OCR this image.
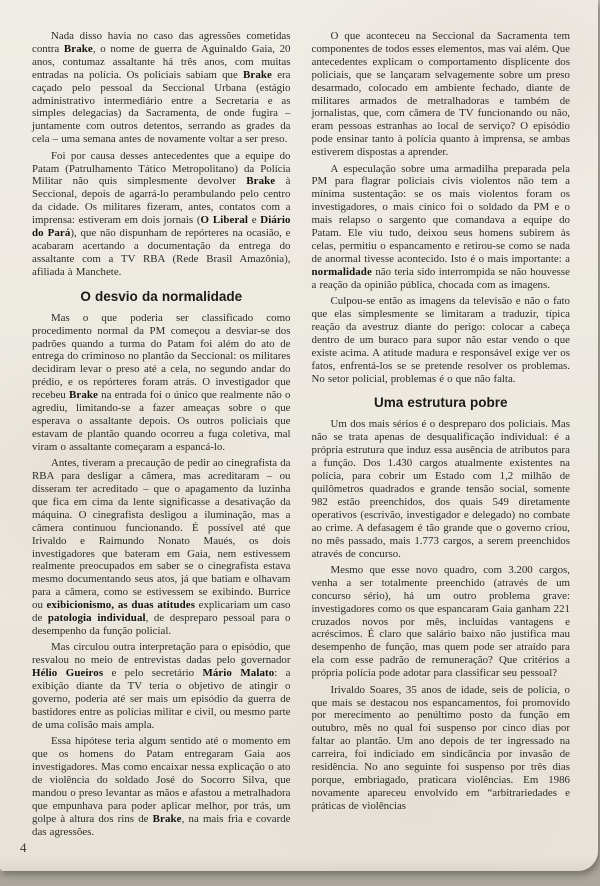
Nada disso havia no caso das agressões cometidas contra Brake, o nome de guerra de Aguinaldo Gaia, 20 anos, contumaz assaltante há três anos, com muitas entradas na polícia. Os policiais sabiam que Brake era caçado pelo pessoal da Seccional Urbana (estágio administrativo intermediário entre a Secretaria e as simples delegacias) da Sacramenta, de onde fugira – juntamente com outros detentos, serrando as grades da cela – uma semana antes de novamente voltar a ser preso.

Foi por causa desses antecedentes que a equipe do Patam (Patrulhamento Tático Metropolitano) da Polícia Militar não quis simplesmente devolver Brake à Seccional, depois de agarrá-lo perambulando pelo centro da cidade. Os militares fizeram, antes, contatos com a imprensa: estiveram em dois jornais (O Liberal e Diário do Pará), que não dispunham de repórteres na ocasião, e acabaram acertando a documentação da entrega do assaltante com a TV RBA (Rede Brasil Amazônia), afiliada à Manchete.

O desvio da normalidade

Mas o que poderia ser classificado como procedimento normal da PM começou a desviar-se dos padrões quando a turma do Patam foi além do ato de entrega do criminoso no plantão da Seccional: os militares decidiram levar o preso até a cela, no segundo andar do prédio, e os repórteres foram atrás. O investigador que recebeu Brake na entrada foi o único que realmente não o agrediu, limitando-se a fazer ameaças sobre o que esperava o assaltante depois. Os outros policiais que estavam de plantão quando ocorreu a fuga coletiva, mal viram o assaltante começaram a espancá-lo.

Antes, tiveram a precaução de pedir ao cinegrafista da RBA para desligar a câmera, mas acreditaram – ou disseram ter acreditado – que o apagamento da luzinha que fica em cima da lente significasse a desativação da máquina. O cinegrafista desligou a iluminação, mas a câmera continuou funcionando. É possível até que Irivaldo e Raimundo Nonato Maués, os dois investigadores que bateram em Gaia, nem estivessem realmente preocupados em saber se o cinegrafista estava mesmo documentando seus atos, já que batiam e olhavam para a câmera, como se estivessem se exibindo. Burrice ou exibicionismo, as duas atitudes explicariam um caso de patologia individual, de despreparo pessoal para o desempenho da função policial.

Mas circulou outra interpretação para o episódio, que resvalou no meio de entrevistas dadas pelo governador Hélio Gueiros e pelo secretário Mário Malato: a exibição diante da TV teria o objetivo de atingir o governo, poderia até ser mais um episódio da guerra de bastidores entre as polícias militar e civil, ou mesmo parte de uma colisão mais ampla.

Essa hipótese teria algum sentido até o momento em que os homens do Patam entregaram Gaia aos investigadores. Mas como encaixar nessa explicação o ato de violência do soldado José do Socorro Silva, que mandou o preso levantar as mãos e afastou a metralhadora que empunhava para poder aplicar melhor, por trás, um golpe à altura dos rins de Brake, na mais fria e covarde das agressões.

O que aconteceu na Seccional da Sacramenta tem componentes de todos esses elementos, mas vai além. Que antecedentes explicam o comportamento displicente dos policiais, que se lançaram selvagemente sobre um preso desarmado, colocado em ambiente fechado, diante de militares armados de metralhadoras e também de jornalistas, que, com câmera de TV funcionando ou não, eram pessoas estranhas ao local de serviço? O episódio pode ensinar tanto à polícia quanto à imprensa, se ambas estiverem dispostas a aprender.

A especulação sobre uma armadilha preparada pela PM para flagrar policiais civis violentos não tem a mínima sustentação: se os mais violentos foram os investigadores, o mais cínico foi o soldado da PM e o mais relapso o sargento que comandava a equipe do Patam. Ele viu tudo, deixou seus homens subirem às celas, permitiu o espancamento e retirou-se como se nada de anormal tivesse acontecido. Isto é o mais importante: a normalidade não teria sido interrompida se não houvesse a reação da opinião pública, chocada com as imagens.

Culpou-se então as imagens da televisão e não o fato que elas simplesmente se limitaram a traduzir, típica reação da avestruz diante do perigo: colocar a cabeça dentro de um buraco para supor não estar vendo o que existe acima. A atitude madura e responsável exige ver os fatos, enfrentá-los se se pretende resolver os problemas. No setor policial, problemas é o que não falta.

Uma estrutura pobre

Um dos mais sérios é o despreparo dos policiais. Mas não se trata apenas de desqualificação individual: é a própria estrutura que induz essa ausência de atributos para a função. Dos 1.430 cargos atualmente existentes na polícia, para cobrir um Estado com 1,2 milhão de quilômetros quadrados e grande tensão social, somente 982 estão preenchidos, dos quais 549 diretamente operativos (escrivão, investigador e delegado) no combate ao crime. A defasagem é tão grande que o governo criou, no mês passado, mais 1.773 cargos, a serem preenchidos através de concurso.

Mesmo que esse novo quadro, com 3.200 cargos, venha a ser totalmente preenchido (através de um concurso sério), há um outro problema grave: investigadores como os que espancaram Gaia ganham 221 cruzados novos por mês, incluídas vantagens e acréscimos. É claro que salário baixo não justifica mau desempenho de função, mas quem pode ser atraído para ela com esse padrão de remuneração? Que critérios a própria polícia pode adotar para classificar seu pessoal?

Irivaldo Soares, 35 anos de idade, seis de polícia, o que mais se destacou nos espancamentos, foi promovido por merecimento ao penúltimo posto da função em outubro, mês no qual foi suspenso por cinco dias por faltar ao plantão. Um ano depois de ter ingressado na carreira, foi indiciado em sindicância por invasão de residência. No ano seguinte foi suspenso por três dias porque, embriagado, praticara violências. Em 1986 novamente apareceu envolvido em “arbitrariedades e práticas de violências

4
